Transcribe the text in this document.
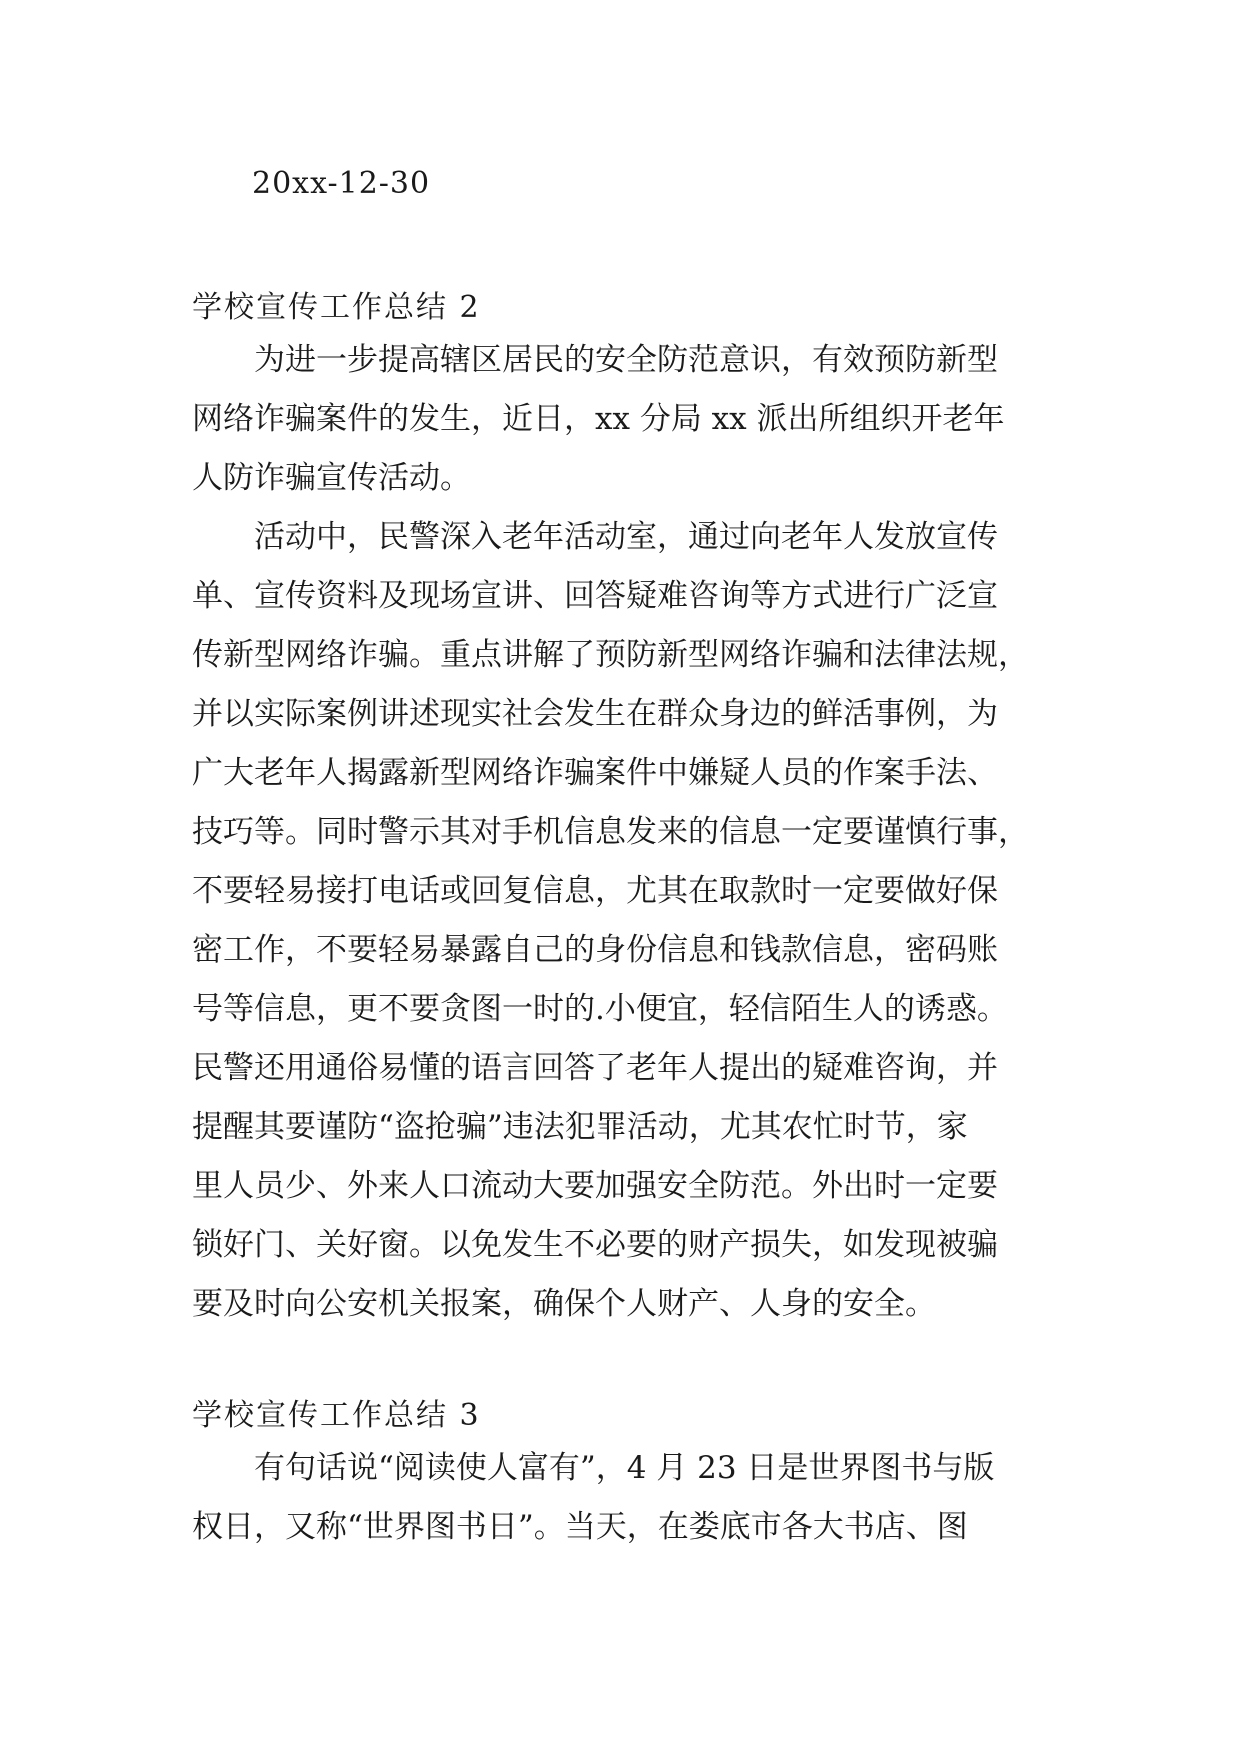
20xx-12-30
学校宣传工作总结 2
　　为进一步提高辖区居民的安全防范意识，有效预防新型
网络诈骗案件的发生，近日，xx 分局 xx 派出所组织开老年
人防诈骗宣传活动。
　　活动中，民警深入老年活动室，通过向老年人发放宣传
单、宣传资料及现场宣讲、回答疑难咨询等方式进行广泛宣
传新型网络诈骗。重点讲解了预防新型网络诈骗和法律法规，
并以实际案例讲述现实社会发生在群众身边的鲜活事例，为
广大老年人揭露新型网络诈骗案件中嫌疑人员的作案手法、
技巧等。同时警示其对手机信息发来的信息一定要谨慎行事，
不要轻易接打电话或回复信息，尤其在取款时一定要做好保
密工作，不要轻易暴露自己的身份信息和钱款信息，密码账
号等信息，更不要贪图一时的.小便宜，轻信陌生人的诱惑。
民警还用通俗易懂的语言回答了老年人提出的疑难咨询，并
提醒其要谨防“盗抢骗”违法犯罪活动，尤其农忙时节，家
里人员少、外来人口流动大要加强安全防范。外出时一定要
锁好门、关好窗。以免发生不必要的财产损失，如发现被骗
要及时向公安机关报案，确保个人财产、人身的安全。
学校宣传工作总结 3
　　有句话说“阅读使人富有”，4 月 23 日是世界图书与版
权日，又称“世界图书日”。当天，在娄底市各大书店、图
